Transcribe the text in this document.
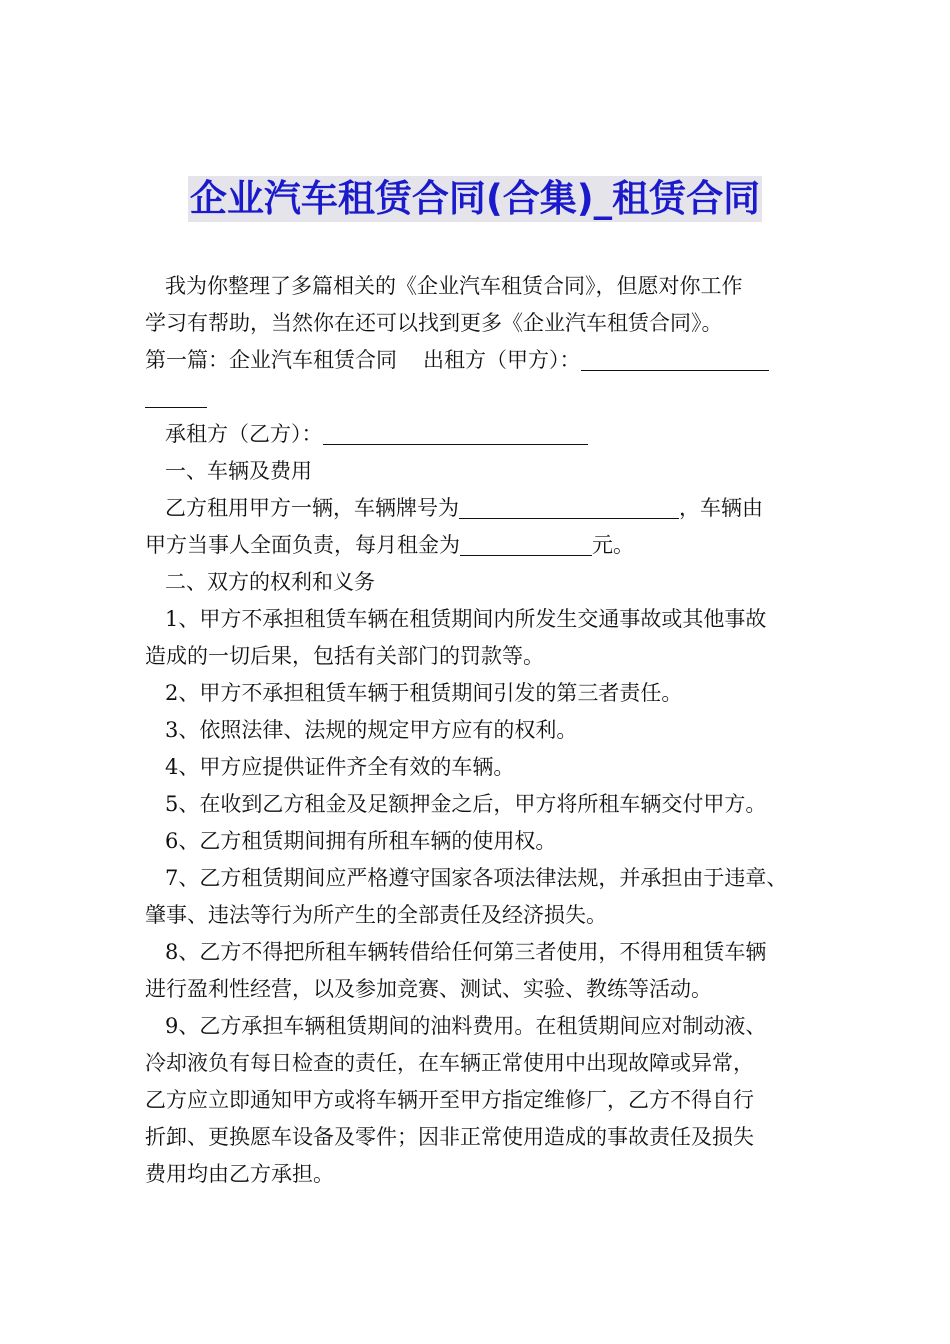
企业汽车租赁合同(合集)_租赁合同
我为你整理了多篇相关的《企业汽车租赁合同》，但愿对你工作
学习有帮助，当然你在还可以找到更多《企业汽车租赁合同》。
第一篇：企业汽车租赁合同 出租方（甲方）：
承租方（乙方）：
一、车辆及费用
乙方租用甲方一辆，车辆牌号为	，车辆由
甲方当事人全面负责，每月租金为	元。
二、双方的权利和义务
1、甲方不承担租赁车辆在租赁期间内所发生交通事故或其他事故
造成的一切后果，包括有关部门的罚款等。
2、甲方不承担租赁车辆于租赁期间引发的第三者责任。
3、依照法律、法规的规定甲方应有的权利。
4、甲方应提供证件齐全有效的车辆。
5、在收到乙方租金及足额押金之后，甲方将所租车辆交付甲方。
6、乙方租赁期间拥有所租车辆的使用权。
7、乙方租赁期间应严格遵守国家各项法律法规，并承担由于违章、
肇事、违法等行为所产生的全部责任及经济损失。
8、乙方不得把所租车辆转借给任何第三者使用，不得用租赁车辆
进行盈利性经营，以及参加竞赛、测试、实验、教练等活动。
9、乙方承担车辆租赁期间的油料费用。在租赁期间应对制动液、
冷却液负有每日检查的责任，在车辆正常使用中出现故障或异常，
乙方应立即通知甲方或将车辆开至甲方指定维修厂，乙方不得自行
折卸、更换愿车设备及零件；因非正常使用造成的事故责任及损失
费用均由乙方承担。
